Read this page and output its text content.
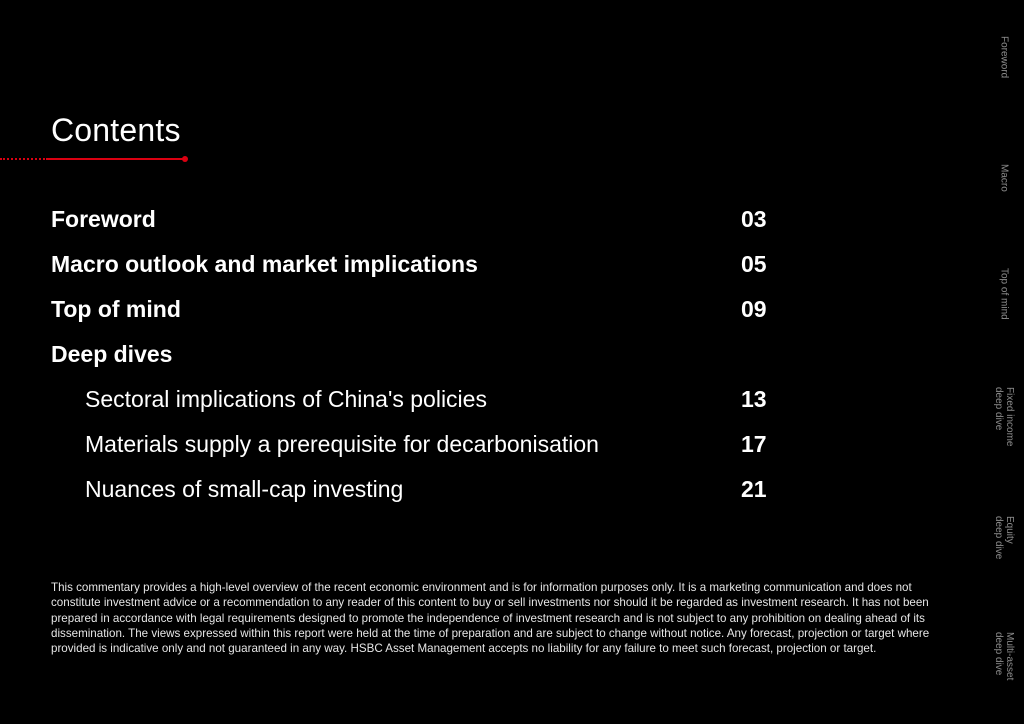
Contents
Foreword	03
Macro outlook and market implications	05
Top of mind	09
Deep dives
Sectoral implications of China's policies	13
Materials supply a prerequisite for decarbonisation	17
Nuances of small-cap investing	21
This commentary provides a high-level overview of the recent economic environment and is for information purposes only. It is a marketing communication and does not constitute investment advice or a recommendation to any reader of this content to buy or sell investments nor should it be regarded as investment research. It has not been prepared in accordance with legal requirements designed to promote the independence of investment research and is not subject to any prohibition on dealing ahead of its dissemination. The views expressed within this report were held at the time of preparation and are subject to change without notice. Any forecast, projection or target where provided is indicative only and not guaranteed in any way. HSBC Asset Management accepts no liability for any failure to meet such forecast, projection or target.
Foreword
Macro
Top of mind
Fixed income
deep dive
Equity
deep dive
Multi-asset
deep dive
